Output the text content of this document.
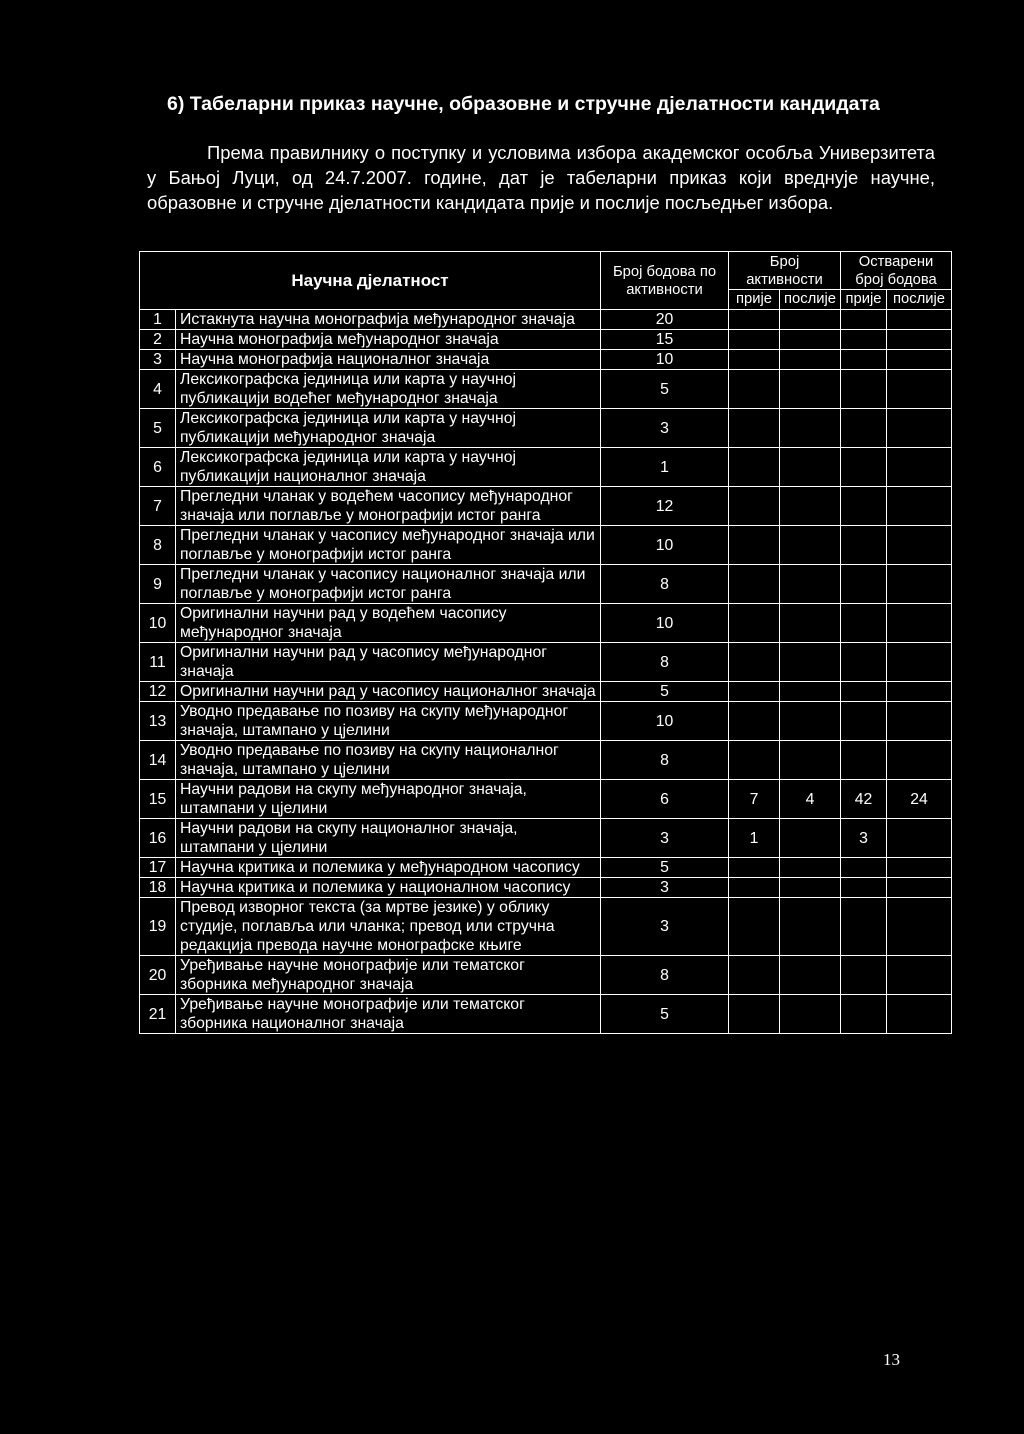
6) Табеларни приказ научне, образовне и стручне дјелатности кандидата

Према правилнику о поступку и условима избора академског особља Универзитета у Бањој Луци, од 24.7.2007. године, дат је табеларни приказ који вреднује научне, образовне и стручне дјелатности кандидата прије и послије посљедњег избора.

Научна дјелатност		Број бодова по активности	Број активности		Остварени број бодова	
			прије	послије	прије	послије
1	Истакнута научна монографија међународног значаја	20				
2	Научна монографија међународног значаја	15				
3	Научна монографија националног значаја	10				
4	Лексикографска јединица или карта у научној публикацији водећег међународног значаја	5				
5	Лексикографска јединица или карта у научној публикацији међународног значаја	3				
6	Лексикографска јединица или карта у научној публикацији националног значаја	1				
7	Прегледни чланак у водећем часопису међународног значаја или поглавље у монографији истог ранга	12				
8	Прегледни чланак у часопису међународног значаја или поглавље у монографији истог ранга	10				
9	Прегледни чланак у часопису националног значаја или поглавље у монографији истог ранга	8				
10	Оригинални научни рад у водећем часопису међународног значаја	10				
11	Оригинални научни рад у часопису међународног значаја	8				
12	Оригинални научни рад у часопису националног значаја	5				
13	Уводно предавање по позиву на скупу међународног значаја, штампано у цјелини	10				
14	Уводно предавање по позиву на скупу националног значаја, штампано у цјелини	8				
15	Научни радови на скупу међународног значаја, штампани у цјелини	6	7	4	42	24
16	Научни радови на скупу националног значаја, штампани у цјелини	3	1		3	
17	Научна критика и полемика у међународном часопису	5				
18	Научна критика и полемика у националном часопису	3				
19	Превод изворног текста (за мртве језике) у облику студије, поглавља или чланка; превод или стручна редакција превода научне монографске књиге	3				
20	Уређивање научне монографије или тематског зборника међународног значаја	8				
21	Уређивање научне монографије или тематског зборника националног значаја	5				
13
